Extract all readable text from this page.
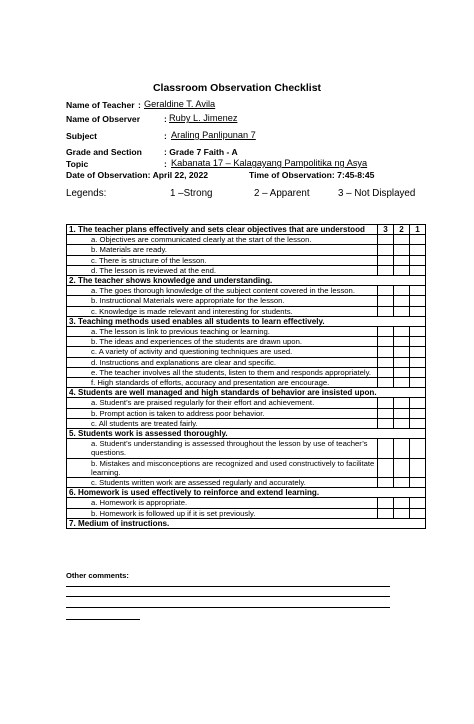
Classroom Observation Checklist
Name of Teacher : Geraldine T. Avila
Name of Observer	: Ruby L. Jimenez
Subject	: Araling Panlipunan 7
Grade and Section	: Grade 7 Faith - A
Topic	: Kabanata 17 – Kalagayang Pampolitika ng Asya
Date of Observation: April 22, 2022	Time of Observation: 7:45-8:45
Legends:	1 –Strong	2 – Apparent	3 – Not Displayed
1. The teacher plans effectively and sets clear objectives that are understood	3	2	1
a. Objectives are communicated clearly at the start of the lesson.			
b. Materials are ready.			
c. There is structure of the lesson.			
d. The lesson is reviewed at the end.			
2. The teacher shows knowledge and understanding.			
a. The goes thorough knowledge of the subject content covered in the lesson.			
b. Instructional Materials were appropriate for the lesson.			
c. Knowledge is made relevant and interesting for students.			
3. Teaching methods used enables all students to learn effectively.			
a. The lesson is link to previous teaching or learning.			
b. The ideas and experiences of the students are drawn upon.			
c. A variety of activity and questioning techniques are used.			
d. Instructions and explanations are clear and specific.			
e. The teacher involves all the students, listen to them and responds appropriately.			
f. High standards of efforts, accuracy and presentation are encourage.			
4. Students are well managed and high standards of behavior are insisted upon.			
a. Student’s are praised regularly for their effort and achievement.			
b. Prompt action is taken to address poor behavior.			
c. All students are treated fairly.			
5. Students work is assessed thoroughly.			
a. Student’s understanding is assessed throughout the lesson by use of teacher’s questions.			
b. Mistakes and misconceptions are recognized and used constructively to facilitate learning.			
c. Students written work are assessed regularly and accurately.			
6. Homework is used effectively to reinforce and extend learning.			
a. Homework is appropriate.			
b. Homework is followed up if it is set previously.			
7. Medium of instructions.			
Other comments:
